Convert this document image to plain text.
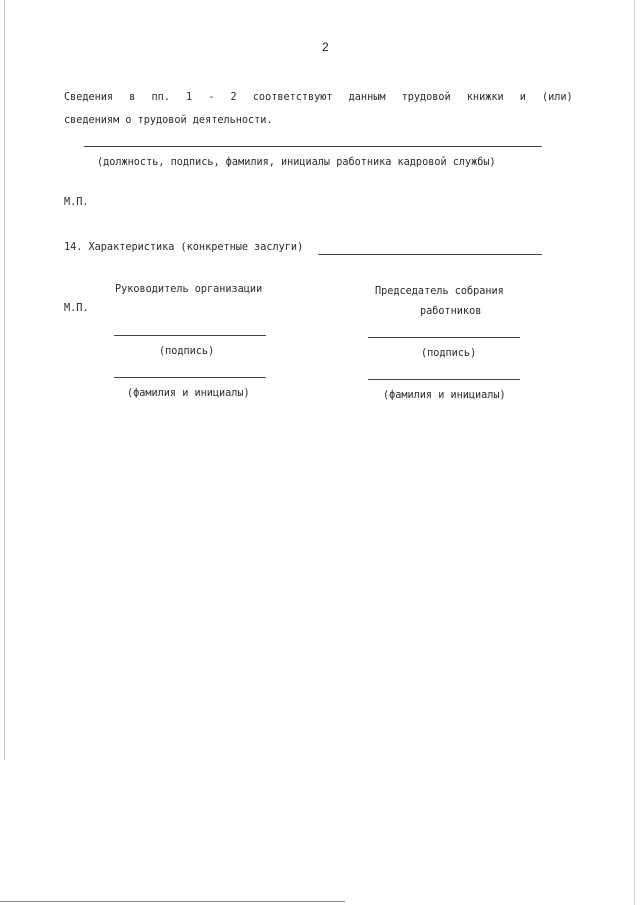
2
Сведения в пп. 1 - 2 соответствуют данным трудовой книжки и (или)
сведениям о трудовой деятельности.
(должность, подпись, фамилия, инициалы работника кадровой службы)
М.П.
14. Характеристика (конкретные заслуги)
Руководитель организации	Председатель собрания
работников
М.П.
(подпись)	(подпись)
(фамилия и инициалы)	(фамилия и инициалы)
